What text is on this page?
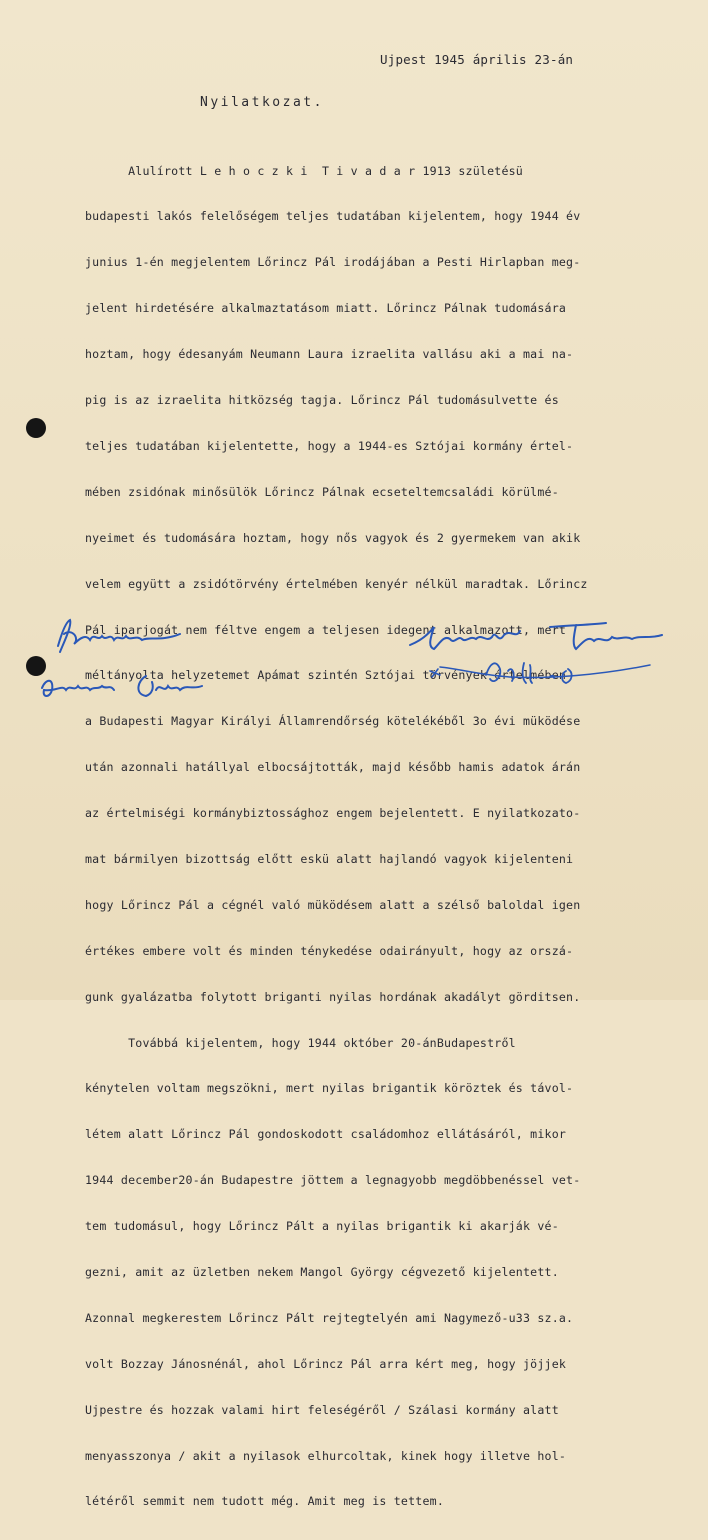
Ujpest 1945 április 23-án
Nyilatkozat.

Alulírott L e h o c z k i  T i v a d a r 1913 születésü

budapesti lakós felelőségem teljes tudatában kijelentem, hogy 1944 év

junius 1-én megjelentem Lőrincz Pál irodájában a Pesti Hirlapban meg-

jelent hirdetésére alkalmaztatásom miatt. Lőrincz Pálnak tudomására

hoztam, hogy édesanyám Neumann Laura izraelita vallásu aki a mai na-

pig is az izraelita hitközség tagja. Lőrincz Pál tudomásulvette és

teljes tudatában kijelentette, hogy a 1944-es Sztójai kormány értel-

mében zsidónak minősülök Lőrincz Pálnak ecseteltemcsaládi körülmé-

nyeimet és tudomására hoztam, hogy nős vagyok és 2 gyermekem van akik

velem együtt a zsidótörvény értelmében kenyér nélkül maradtak. Lőrincz

Pál iparjogát nem féltve engem a teljesen idegent alkalmazott, mert

méltányolta helyzetemet Apámat szintén Sztójai törvények értelmében

a Budapesti Magyar Királyi Államrendőrség kötelékéből 3o évi müködése

után azonnali hatállyal elbocsájtották, majd később hamis adatok árán

az értelmiségi kormánybiztossághoz engem bejelentett. E nyilatkozato-

mat bármilyen bizottság előtt eskü alatt hajlandó vagyok kijelenteni

hogy Lőrincz Pál a cégnél való müködésem alatt a szélső baloldal igen

értékes embere volt és minden ténykedése odairányult, hogy az orszá-

gunk gyalázatba folytott briganti nyilas hordának akadályt görditsen.

Továbbá kijelentem, hogy 1944 október 20-ánBudapestről

kénytelen voltam megszökni, mert nyilas brigantik köröztek és távol-

létem alatt Lőrincz Pál gondoskodott családomhoz ellátásáról, mikor

1944 december20-án Budapestre jöttem a legnagyobb megdöbbenéssel vet-

tem tudomásul, hogy Lőrincz Pált a nyilas brigantik ki akarják vé-

gezni, amit az üzletben nekem Mangol György cégvezető kijelentett.

Azonnal megkerestem Lőrincz Pált rejtegtelyén ami Nagymező-u33 sz.a.

volt Bozzay Jánosnénál, ahol Lőrincz Pál arra kért meg, hogy jöjjek

Ujpestre és hozzak valami hirt feleségéről / Szálasi kormány alatt

menyasszonya / akit a nyilasok elhurcoltak, kinek hogy illetve hol-

létéről semmit nem tudott még. Amit meg is tettem.
